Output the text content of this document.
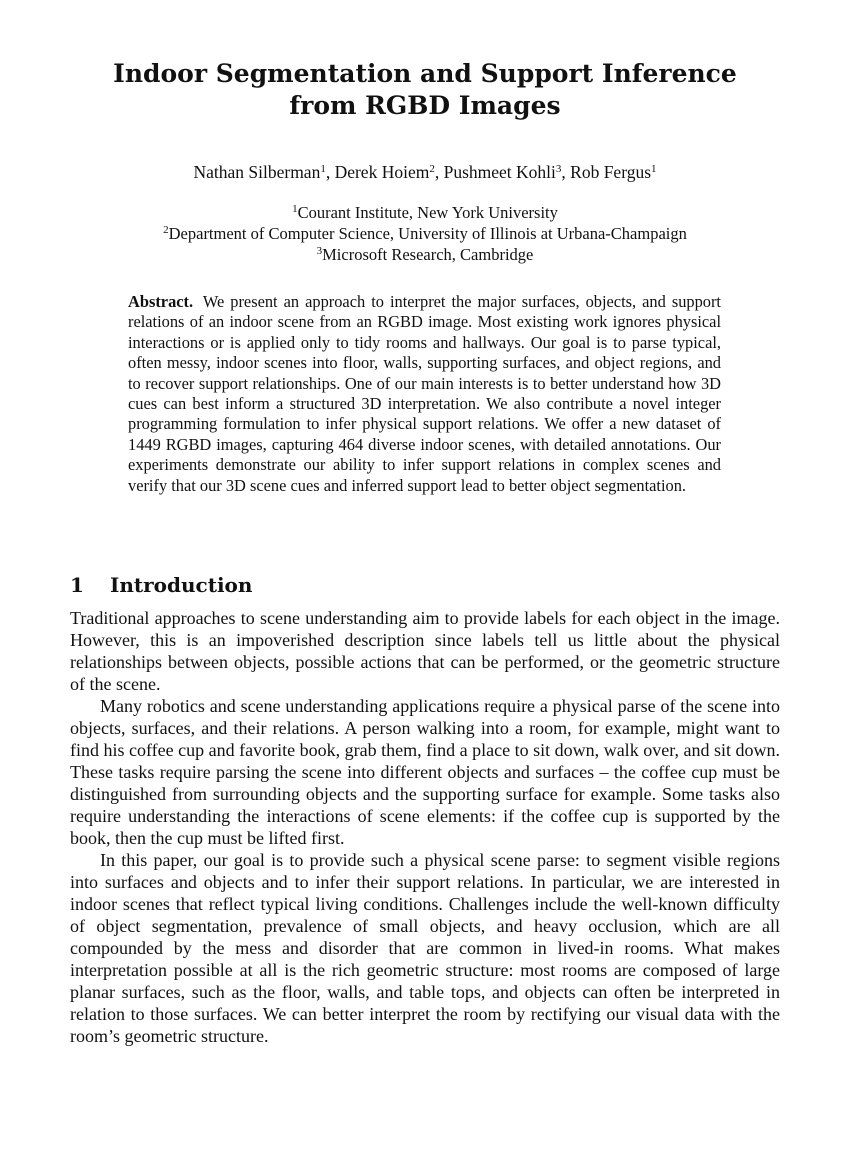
Indoor Segmentation and Support Inference
from RGBD Images
Nathan Silberman$^1$, Derek Hoiem$^2$, Pushmeet Kohli$^3$, Rob Fergus$^1$
$^1$Courant Institute, New York University
$^2$Department of Computer Science, University of Illinois at Urbana-Champaign
$^3$Microsoft Research, Cambridge
Abstract. We present an approach to interpret the major surfaces, objects, and support relations of an indoor scene from an RGBD image. Most existing work ignores physical interactions or is applied only to tidy rooms and hallways. Our goal is to parse typical, often messy, indoor scenes into floor, walls, supporting surfaces, and object regions, and to recover support relationships. One of our main interests is to better understand how 3D cues can best inform a structured 3D interpretation. We also contribute a novel integer programming formulation to infer physical support relations. We offer a new dataset of 1449 RGBD images, capturing 464 diverse indoor scenes, with detailed annotations. Our experiments demonstrate our ability to infer support relations in complex scenes and verify that our 3D scene cues and inferred support lead to better object segmentation.
1 Introduction

Traditional approaches to scene understanding aim to provide labels for each object in the image. However, this is an impoverished description since labels tell us little about the physical relationships between objects, possible actions that can be performed, or the geometric structure of the scene.

Many robotics and scene understanding applications require a physical parse of the scene into objects, surfaces, and their relations. A person walking into a room, for example, might want to find his coffee cup and favorite book, grab them, find a place to sit down, walk over, and sit down. These tasks require parsing the scene into different objects and surfaces – the coffee cup must be distinguished from surrounding objects and the supporting surface for example. Some tasks also require understanding the interactions of scene elements: if the coffee cup is supported by the book, then the cup must be lifted first.

In this paper, our goal is to provide such a physical scene parse: to segment visible regions into surfaces and objects and to infer their support relations. In particular, we are interested in indoor scenes that reflect typical living conditions. Challenges include the well-known difficulty of object segmentation, prevalence of small objects, and heavy occlusion, which are all compounded by the mess and disorder that are common in lived-in rooms. What makes interpretation possible at all is the rich geometric structure: most rooms are composed of large planar surfaces, such as the floor, walls, and table tops, and objects can often be interpreted in relation to those surfaces. We can better interpret the room by rectifying our visual data with the room’s geometric structure.
